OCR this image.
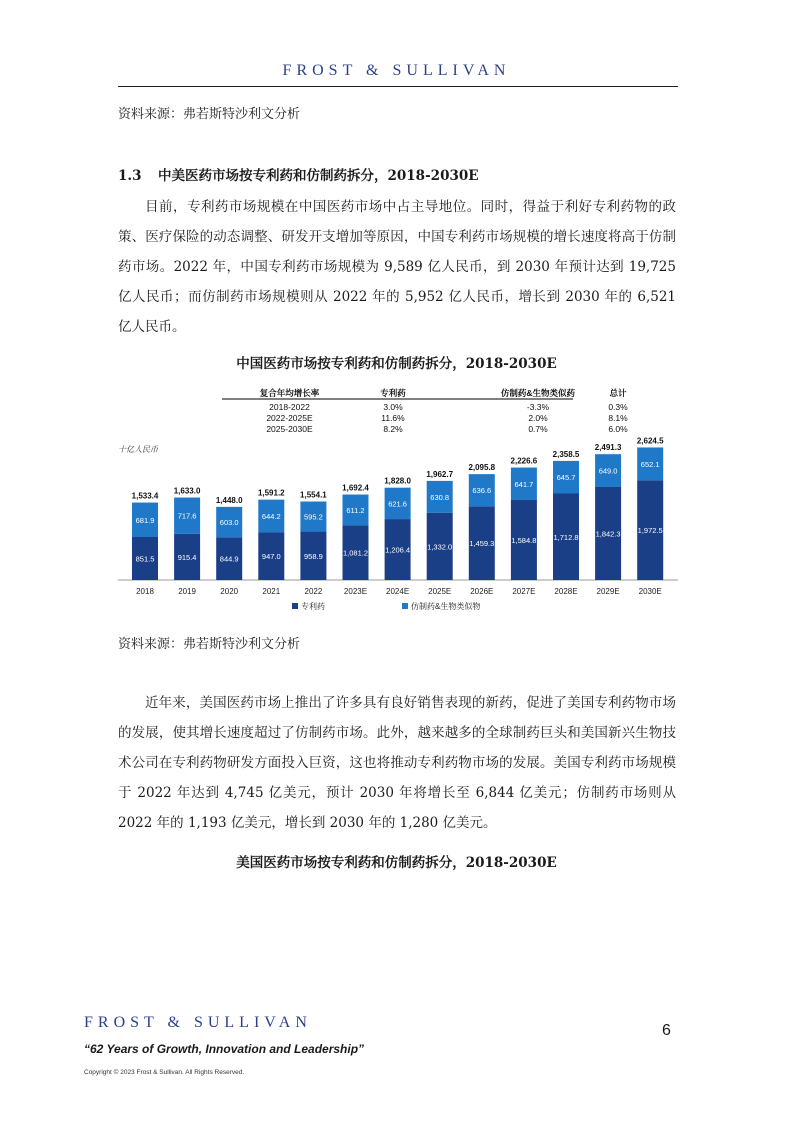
FROST & SULLIVAN
资料来源：弗若斯特沙利文分析
1.3 中美医药市场按专利药和仿制药拆分，2018-2030E

目前，专利药市场规模在中国医药市场中占主导地位。同时，得益于利好专利药物的政策、医疗保险的动态调整、研发开支增加等原因，中国专利药市场规模的增长速度将高于仿制药市场。2022 年，中国专利药市场规模为 9,589 亿人民币，到 2030 年预计达到 19,725 亿人民币；而仿制药市场规模则从 2022 年的 5,952 亿人民币，增长到 2030 年的 6,521 亿人民币。

中国医药市场按专利药和仿制药拆分，2018-2030E
复合年均增长率	专利药	仿制药&生物类似药	总计
2018-2022	3.0%	-3.3%	0.3%
2022-2025E	11.6%	2.0%	8.1%
2025-2030E	8.2%	0.7%	6.0%
十亿人民币
851.5
681.9
1,533.4
2018
915.4
717.6
1,633.0
2019
844.9
603.0
1,448.0
2020
947.0
644.2
1,591.2
2021
958.9
595.2
1,554.1
2022
1,081.2
611.2
1,692.4
2023E
1,206.4
621.6
1,828.0
2024E
1,332.0
630.8
1,962.7
2025E
1,459.3
636.6
2,095.8
2026E
1,584.8
641.7
2,226.6
2027E
1,712.8
645.7
2,358.5
2028E
1,842.3
649.0
2,491.3
2029E
1,972.5
652.1
2,624.5
2030E
专利药	仿制药&生物类似物
资料来源：弗若斯特沙利文分析

近年来，美国医药市场上推出了许多具有良好销售表现的新药，促进了美国专利药物市场的发展，使其增长速度超过了仿制药市场。此外，越来越多的全球制药巨头和美国新兴生物技术公司在专利药物研发方面投入巨资，这也将推动专利药物市场的发展。美国专利药市场规模于 2022 年达到 4,745 亿美元，预计 2030 年将增长至 6,844 亿美元；仿制药市场则从 2022 年的 1,193 亿美元，增长到 2030 年的 1,280 亿美元。

美国医药市场按专利药和仿制药拆分，2018-2030E
FROST & SULLIVAN	6
“62 Years of Growth, Innovation and Leadership”
Copyright © 2023 Frost & Sullivan. All Rights Reserved.
